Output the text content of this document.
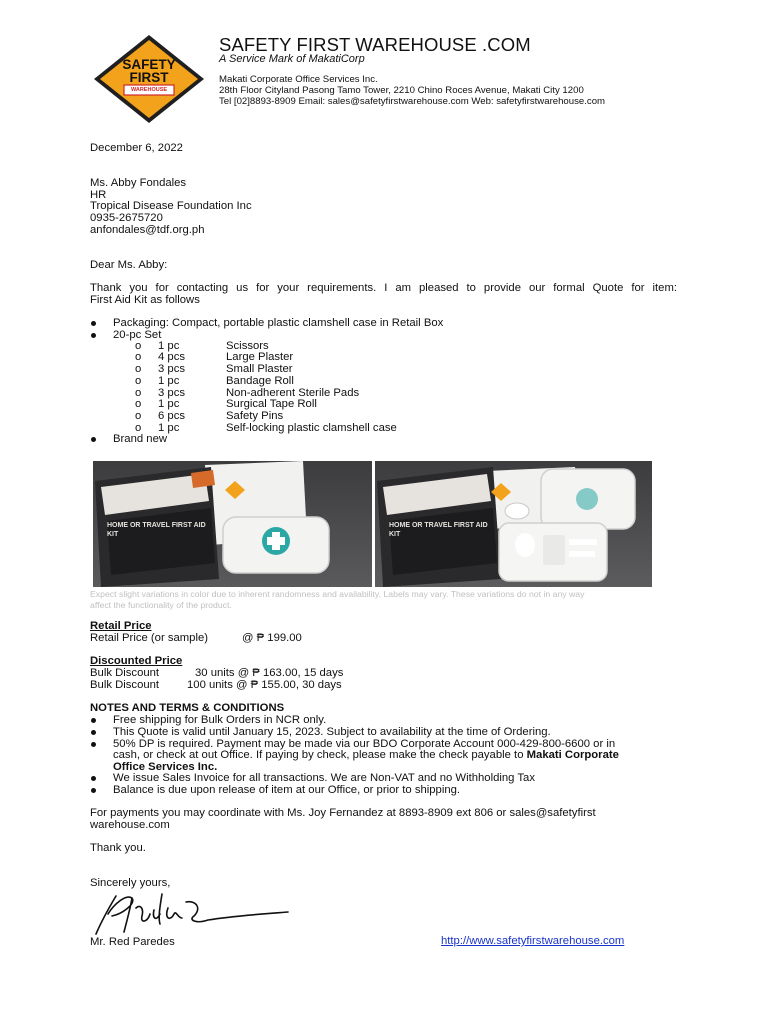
SAFETY
FIRST
WAREHOUSE
SAFETY FIRST WAREHOUSE .COM
A Service Mark of MakatiCorp
Makati Corporate Office Services Inc.
28th Floor Cityland Pasong Tamo Tower, 2210 Chino Roces Avenue, Makati City 1200
Tel [02]8893-8909 Email: sales@safetyfirstwarehouse.com Web: safetyfirstwarehouse.com
December 6, 2022
Ms. Abby Fondales
HR
Tropical Disease Foundation Inc
0935-2675720
anfondales@tdf.org.ph
Dear Ms. Abby:
Thank you for contacting us for your requirements. I am pleased to provide our formal Quote for item:
First Aid Kit as follows
Packaging: Compact, portable plastic clamshell case in Retail Box
20-pc Set
o 1 pc	Scissors
o 4 pcs	Large Plaster
o 3 pcs	Small Plaster
o 1 pc	Bandage Roll
o 3 pcs	Non-adherent Sterile Pads
o 1 pc	Surgical Tape Roll
o 6 pcs	Safety Pins
o 1 pc	Self-locking plastic clamshell case
Brand new
HOME OR TRAVEL FIRST AID KIT
HOME OR TRAVEL FIRST AID KIT
Expect slight variations in color due to inherent randomness and availability. Labels may vary. These variations do not in any way
affect the functionality of the product.
Retail Price
Retail Price (or sample)	@ ₱ 199.00
Discounted Price
Bulk Discount	30 units @ ₱ 163.00, 15 days
Bulk Discount 100 units @ ₱ 155.00, 30 days
NOTES AND TERMS & CONDITIONS
Free shipping for Bulk Orders in NCR only.
This Quote is valid until January 15, 2023. Subject to availability at the time of Ordering.
50% DP is required. Payment may be made via our BDO Corporate Account 000-429-800-6600 or in
cash, or check at out Office. If paying by check, please make the check payable to Makati Corporate
Office Services Inc.
We issue Sales Invoice for all transactions. We are Non-VAT and no Withholding Tax
Balance is due upon release of item at our Office, or prior to shipping.
For payments you may coordinate with Ms. Joy Fernandez at 8893-8909 ext 806 or sales@safetyfirst
warehouse.com
Thank you.
Sincerely yours,
Mr. Red Paredes	http://www.safetyfirstwarehouse.com
